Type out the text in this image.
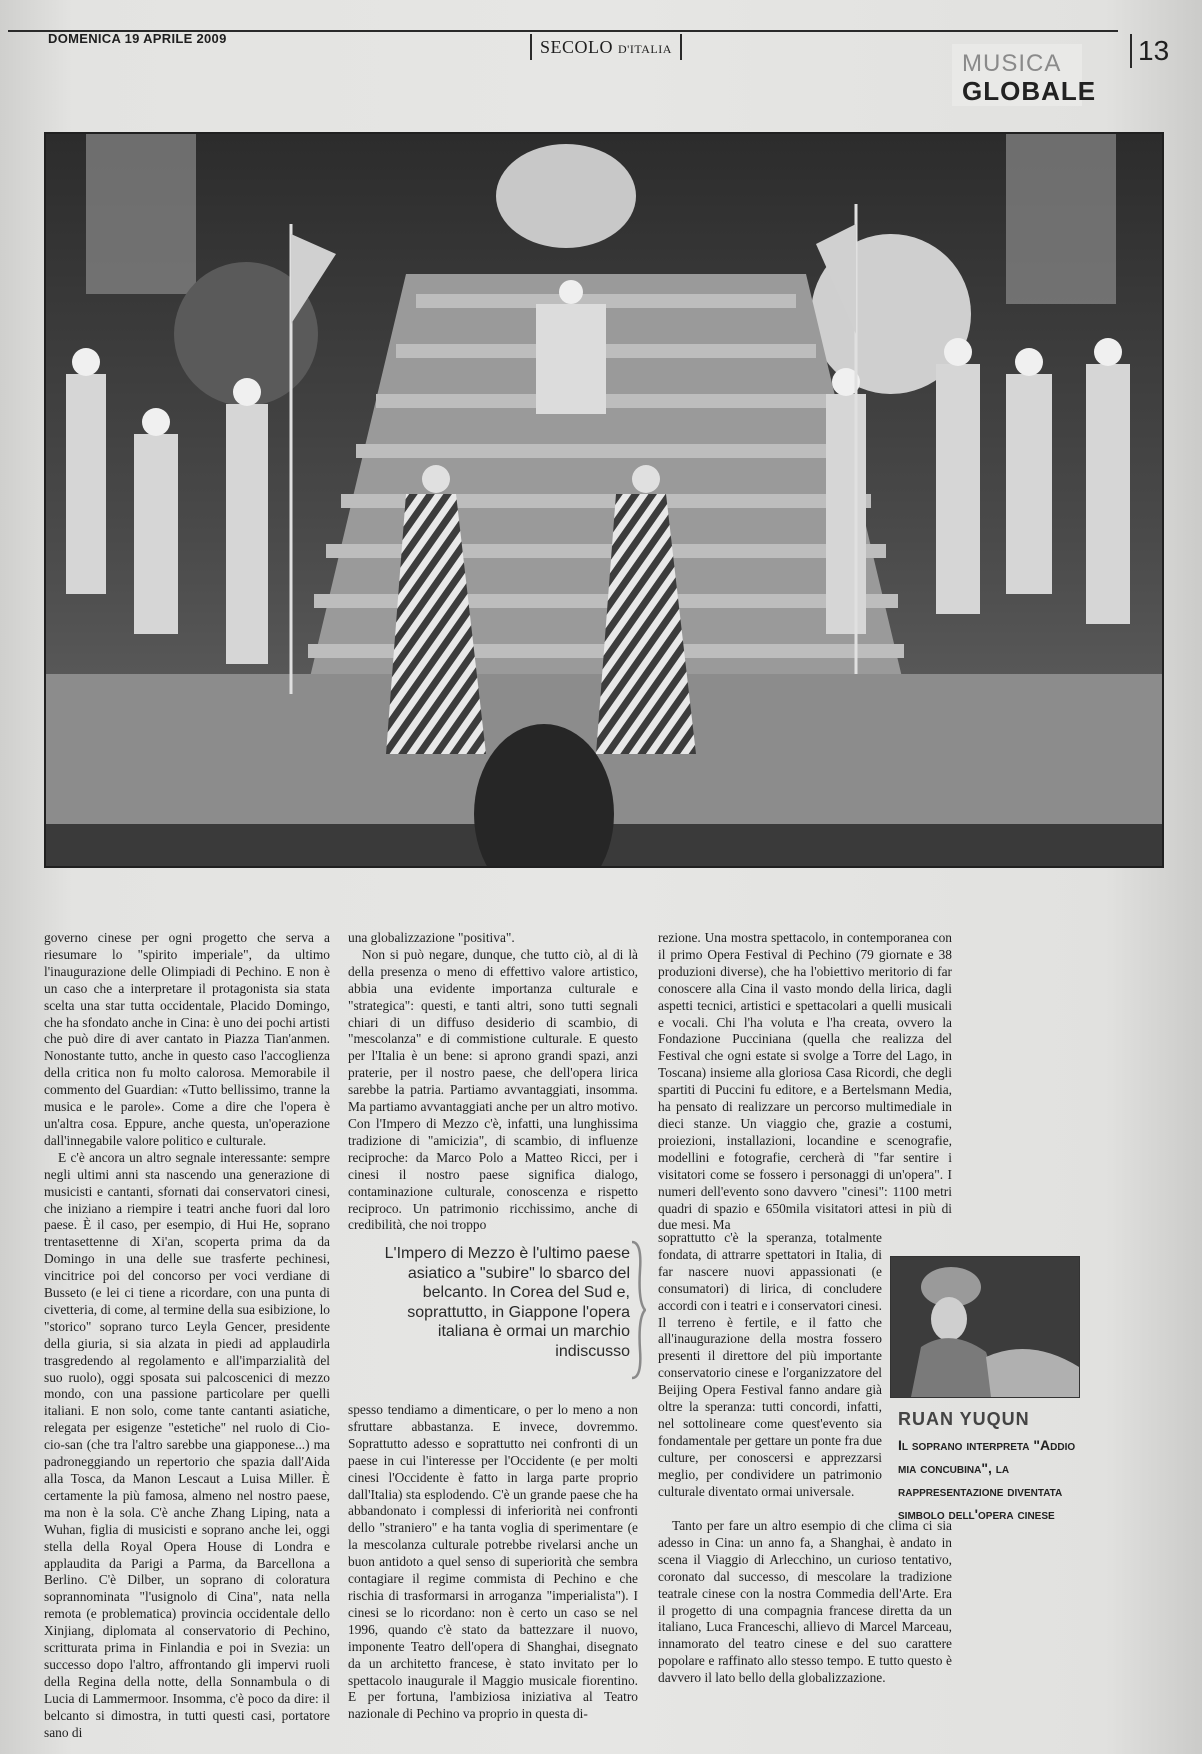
DOMENICA 19 APRILE 2009	SECOLO D'ITALIA
MUSICA
GLOBALE
13

governo cinese per ogni progetto che serva a riesumare lo "spirito imperiale", da ultimo l'inaugurazione delle Olimpiadi di Pechino. E non è un caso che a interpretare il protagonista sia stata scelta una star tutta occidentale, Placido Domingo, che ha sfondato anche in Cina: è uno dei pochi artisti che può dire di aver cantato in Piazza Tian'anmen. Nonostante tutto, anche in questo caso l'accoglienza della critica non fu molto calorosa. Memorabile il commento del Guardian: «Tutto bellissimo, tranne la musica e le parole». Come a dire che l'opera è un'altra cosa. Eppure, anche questa, un'operazione dall'innegabile valore politico e culturale.

E c'è ancora un altro segnale interessante: sempre negli ultimi anni sta nascendo una generazione di musicisti e cantanti, sfornati dai conservatori cinesi, che iniziano a riempire i teatri anche fuori dal loro paese. È il caso, per esempio, di Hui He, soprano trentasettenne di Xi'an, scoperta prima da da Domingo in una delle sue trasferte pechinesi, vincitrice poi del concorso per voci verdiane di Busseto (e lei ci tiene a ricordare, con una punta di civetteria, di come, al termine della sua esibizione, lo "storico" soprano turco Leyla Gencer, presidente della giuria, si sia alzata in piedi ad applaudirla trasgredendo al regolamento e all'imparzialità del suo ruolo), oggi sposata sui palcoscenici di mezzo mondo, con una passione particolare per quelli italiani. E non solo, come tante cantanti asiatiche, relegata per esigenze "estetiche" nel ruolo di Cio-cio-san (che tra l'altro sarebbe una giapponese...) ma padroneggiando un repertorio che spazia dall'Aida alla Tosca, da Manon Lescaut a Luisa Miller. È certamente la più famosa, almeno nel nostro paese, ma non è la sola. C'è anche Zhang Liping, nata a Wuhan, figlia di musicisti e soprano anche lei, oggi stella della Royal Opera House di Londra e applaudita da Parigi a Parma, da Barcellona a Berlino. C'è Dilber, un soprano di coloratura soprannominata "l'usignolo di Cina", nata nella remota (e problematica) provincia occidentale dello Xinjiang, diplomata al conservatorio di Pechino, scritturata prima in Finlandia e poi in Svezia: un successo dopo l'altro, affrontando gli impervi ruoli della Regina della notte, della Sonnambula o di Lucia di Lammermoor. Insomma, c'è poco da dire: il belcanto si dimostra, in tutti questi casi, portatore sano di

una globalizzazione "positiva".

Non si può negare, dunque, che tutto ciò, al di là della presenza o meno di effettivo valore artistico, abbia una evidente importanza culturale e "strategica": questi, e tanti altri, sono tutti segnali chiari di un diffuso desiderio di scambio, di "mescolanza" e di commistione culturale. E questo per l'Italia è un bene: si aprono grandi spazi, anzi praterie, per il nostro paese, che dell'opera lirica sarebbe la patria. Partiamo avvantaggiati, insomma. Ma partiamo avvantaggiati anche per un altro motivo. Con l'Impero di Mezzo c'è, infatti, una lunghissima tradizione di "amicizia", di scambio, di influenze reciproche: da Marco Polo a Matteo Ricci, per i cinesi il nostro paese significa dialogo, contaminazione culturale, conoscenza e rispetto reciproco. Un patrimonio ricchissimo, anche di credibilità, che noi troppo

L'Impero di Mezzo è l'ultimo paese asiatico a "subire" lo sbarco del belcanto. In Corea del Sud e, soprattutto, in Giappone l'opera italiana è ormai un marchio indiscusso

spesso tendiamo a dimenticare, o per lo meno a non sfruttare abbastanza. E invece, dovremmo. Soprattutto adesso e soprattutto nei confronti di un paese in cui l'interesse per l'Occidente (e per molti cinesi l'Occidente è fatto in larga parte proprio dall'Italia) sta esplodendo. C'è un grande paese che ha abbandonato i complessi di inferiorità nei confronti dello "straniero" e ha tanta voglia di sperimentare (e la mescolanza culturale potrebbe rivelarsi anche un buon antidoto a quel senso di superiorità che sembra contagiare il regime commista di Pechino e che rischia di trasformarsi in arroganza "imperialista"). I cinesi se lo ricordano: non è certo un caso se nel 1996, quando c'è stato da battezzare il nuovo, imponente Teatro dell'opera di Shanghai, disegnato da un architetto francese, è stato invitato per lo spettacolo inaugurale il Maggio musicale fiorentino. E per fortuna, l'ambiziosa iniziativa al Teatro nazionale di Pechino va proprio in questa di-

rezione. Una mostra spettacolo, in contemporanea con il primo Opera Festival di Pechino (79 giornate e 38 produzioni diverse), che ha l'obiettivo meritorio di far conoscere alla Cina il vasto mondo della lirica, dagli aspetti tecnici, artistici e spettacolari a quelli musicali e vocali. Chi l'ha voluta e l'ha creata, ovvero la Fondazione Pucciniana (quella che realizza del Festival che ogni estate si svolge a Torre del Lago, in Toscana) insieme alla gloriosa Casa Ricordi, che degli spartiti di Puccini fu editore, e a Bertelsmann Media, ha pensato di realizzare un percorso multimediale in dieci stanze. Un viaggio che, grazie a costumi, proiezioni, installazioni, locandine e scenografie, modellini e fotografie, cercherà di "far sentire i visitatori come se fossero i personaggi di un'opera". I numeri dell'evento sono davvero "cinesi": 1100 metri quadri di spazio e 650mila visitatori attesi in più di due mesi. Ma

soprattutto c'è la speranza, totalmente fondata, di attrarre spettatori in Italia, di far nascere nuovi appassionati (e consumatori) di lirica, di concludere accordi con i teatri e i conservatori cinesi. Il terreno è fertile, e il fatto che all'inaugurazione della mostra fossero presenti il direttore del più importante conservatorio cinese e l'organizzatore del Beijing Opera Festival fanno andare già oltre la speranza: tutti concordi, infatti, nel sottolineare come quest'evento sia fondamentale per gettare un ponte fra due culture, per conoscersi e apprezzarsi meglio, per condividere un patrimonio culturale diventato ormai universale.

Tanto per fare un altro esempio di che clima ci sia adesso in Cina: un anno fa, a Shanghai, è andato in scena il Viaggio di Arlecchino, un curioso tentativo, coronato dal successo, di mescolare la tradizione teatrale cinese con la nostra Commedia dell'Arte. Era il progetto di una compagnia francese diretta da un italiano, Luca Franceschi, allievo di Marcel Marceau, innamorato del teatro cinese e del suo carattere popolare e raffinato allo stesso tempo. E tutto questo è davvero il lato bello della globalizzazione.

RUAN YUQUN
Il soprano interpreta "Addio mia concubina", la rappresentazione diventata simbolo dell'opera cinese
